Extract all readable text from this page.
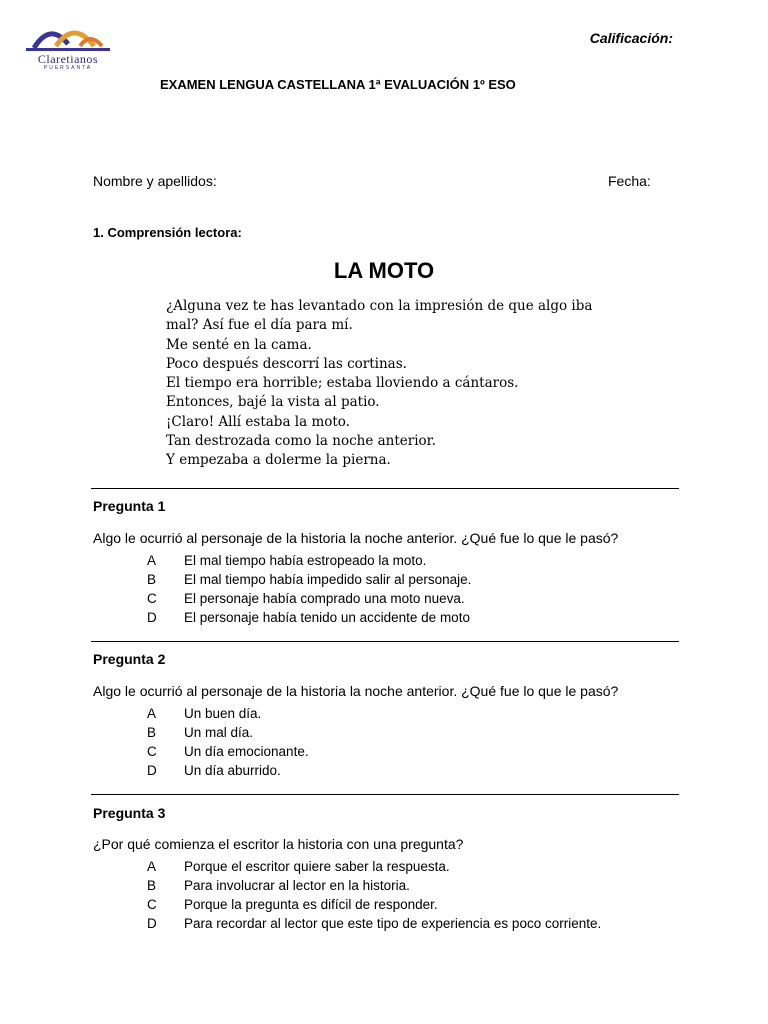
Claretianos
PUERSANTA
Calificación:
EXAMEN LENGUA CASTELLANA 1ª EVALUACIÓN 1º ESO
Nombre y apellidos:	Fecha:
1. Comprensión lectora:
LA MOTO
¿Alguna vez te has levantado con la impresión de que algo iba
mal? Así fue el día para mí.
Me senté en la cama.
Poco después descorrí las cortinas.
El tiempo era horrible; estaba lloviendo a cántaros.
Entonces, bajé la vista al patio.
¡Claro! Allí estaba la moto.
Tan destrozada como la noche anterior.
Y empezaba a dolerme la pierna.
Pregunta 1
Algo le ocurrió al personaje de la historia la noche anterior. ¿Qué fue lo que le pasó?
A El mal tiempo había estropeado la moto.
B El mal tiempo había impedido salir al personaje.
C El personaje había comprado una moto nueva.
D El personaje había tenido un accidente de moto
Pregunta 2
Algo le ocurrió al personaje de la historia la noche anterior. ¿Qué fue lo que le pasó?
A Un buen día.
B Un mal día.
C Un día emocionante.
D Un día aburrido.
Pregunta 3
¿Por qué comienza el escritor la historia con una pregunta?
A Porque el escritor quiere saber la respuesta.
B Para involucrar al lector en la historia.
C Porque la pregunta es difícil de responder.
D Para recordar al lector que este tipo de experiencia es poco corriente.
